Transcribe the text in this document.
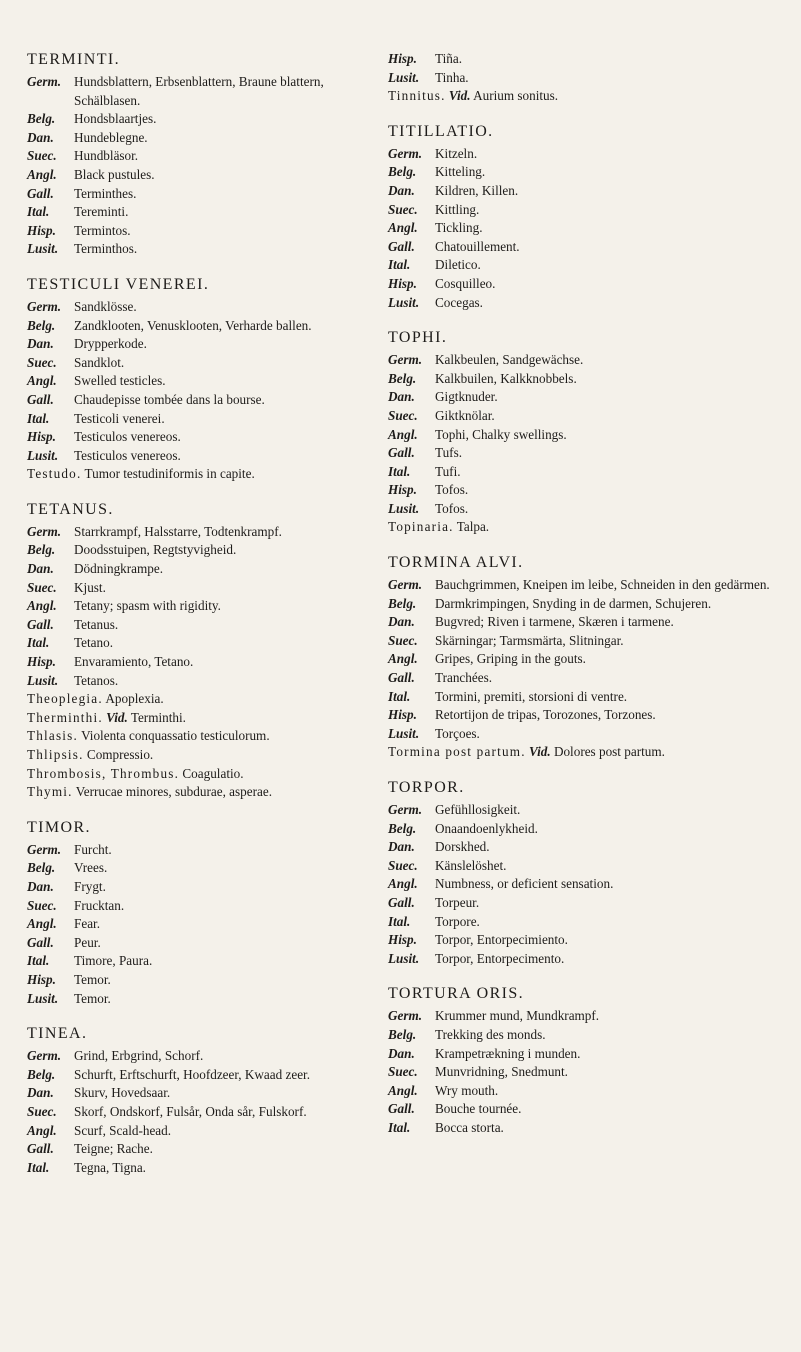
TERMINTI.
Germ. Hundsblattern, Erbsenblattern, Braune blattern, Schälblasen.
Belg.	Hondsblaartjes.
Dan.	Hundeblegne.
Suec.	Hundbläsor.
Angl.	Black pustules.
Gall.	Terminthes.
Ital.	Tereminti.
Hisp.	Termintos.
Lusit.	Terminthos.
TESTICULI VENEREI.
Germ. Sandklösse.
Belg.	Zandklooten, Venusklooten, Verharde ballen.
Dan.	Drypperkode.
Suec.	Sandklot.
Angl.	Swelled testicles.
Gall.	Chaudepisse tombée dans la bourse.
Ital.	Testicoli venerei.
Hisp.	Testiculos venereos.
Lusit.	Testiculos venereos.
Testudo. Tumor testudiniformis in capite.
TETANUS.
Germ. Starrkrampf, Halsstarre, Todtenkrampf.
Belg.	Doodsstuipen, Regtstyvigheid.
Dan.	Dödningkrampe.
Suec.	Kjust.
Angl.	Tetany; spasm with rigidity.
Gall.	Tetanus.
Ital.	Tetano.
Hisp.	Envaramiento, Tetano.
Lusit.	Tetanos.
Theoplegia. Apoplexia.
Therminthi. Vid. Terminthi.
Thlasis. Violenta conquassatio testiculorum.
Thlipsis. Compressio.
Thrombosis, Thrombus. Coagulatio.
Thymi. Verrucae minores, subdurae, asperae.
TIMOR.
Germ. Furcht.
Belg.	Vrees.
Dan.	Frygt.
Suec.	Frucktan.
Angl.	Fear.
Gall.	Peur.
Ital.	Timore, Paura.
Hisp.	Temor.
Lusit.	Temor.
TINEA.
Germ. Grind, Erbgrind, Schorf.
Belg.	Schurft, Erftschurft, Hoofdzeer, Kwaad zeer.
Dan.	Skurv, Hovedsaar.
Suec.	Skorf, Ondskorf, Fulsår, Onda sår, Fulskorf.
Angl.	Scurf, Scald-head.
Gall.	Teigne; Rache.
Ital.	Tegna, Tigna.
Hisp.	Tiña.
Lusit.	Tinha.
Tinnitus. Vid. Aurium sonitus.
TITILLATIO.
Germ. Kitzeln.
Belg.	Kitteling.
Dan.	Kildren, Killen.
Suec.	Kittling.
Angl.	Tickling.
Gall.	Chatouillement.
Ital.	Diletico.
Hisp.	Cosquilleo.
Lusit.	Cocegas.
TOPHI.
Germ. Kalkbeulen, Sandgewächse.
Belg.	Kalkbuilen, Kalkknobbels.
Dan.	Gigtknuder.
Suec.	Giktknölar.
Angl.	Tophi, Chalky swellings.
Gall.	Tufs.
Ital.	Tufi.
Hisp.	Tofos.
Lusit.	Tofos.
Topinaria. Talpa.
TORMINA ALVI.
Germ. Bauchgrimmen, Kneipen im leibe, Schneiden in den gedärmen.
Belg.	Darmkrimpingen, Snyding in de darmen, Schujeren.
Dan.	Bugvred; Riven i tarmene, Skæren i tarmene.
Suec.	Skärningar; Tarmsmärta, Slitningar.
Angl.	Gripes, Griping in the gouts.
Gall.	Tranchées.
Ital.	Tormini, premiti, storsioni di ventre.
Hisp.	Retortijon de tripas, Torozones, Torzones.
Lusit.	Torçoes.
Tormina post partum. Vid. Dolores post partum.
TORPOR.
Germ. Gefühllosigkeit.
Belg.	Onaandoenlykheid.
Dan.	Dorskhed.
Suec.	Känslelöshet.
Angl.	Numbness, or deficient sensation.
Gall.	Torpeur.
Ital.	Torpore.
Hisp.	Torpor, Entorpecimiento.
Lusit.	Torpor, Entorpecimento.
TORTURA ORIS.
Germ. Krummer mund, Mundkrampf.
Belg.	Trekking des monds.
Dan.	Krampetrækning i munden.
Suec.	Munvridning, Snedmunt.
Angl.	Wry mouth.
Gall.	Bouche tournée.
Ital.	Bocca storta.
